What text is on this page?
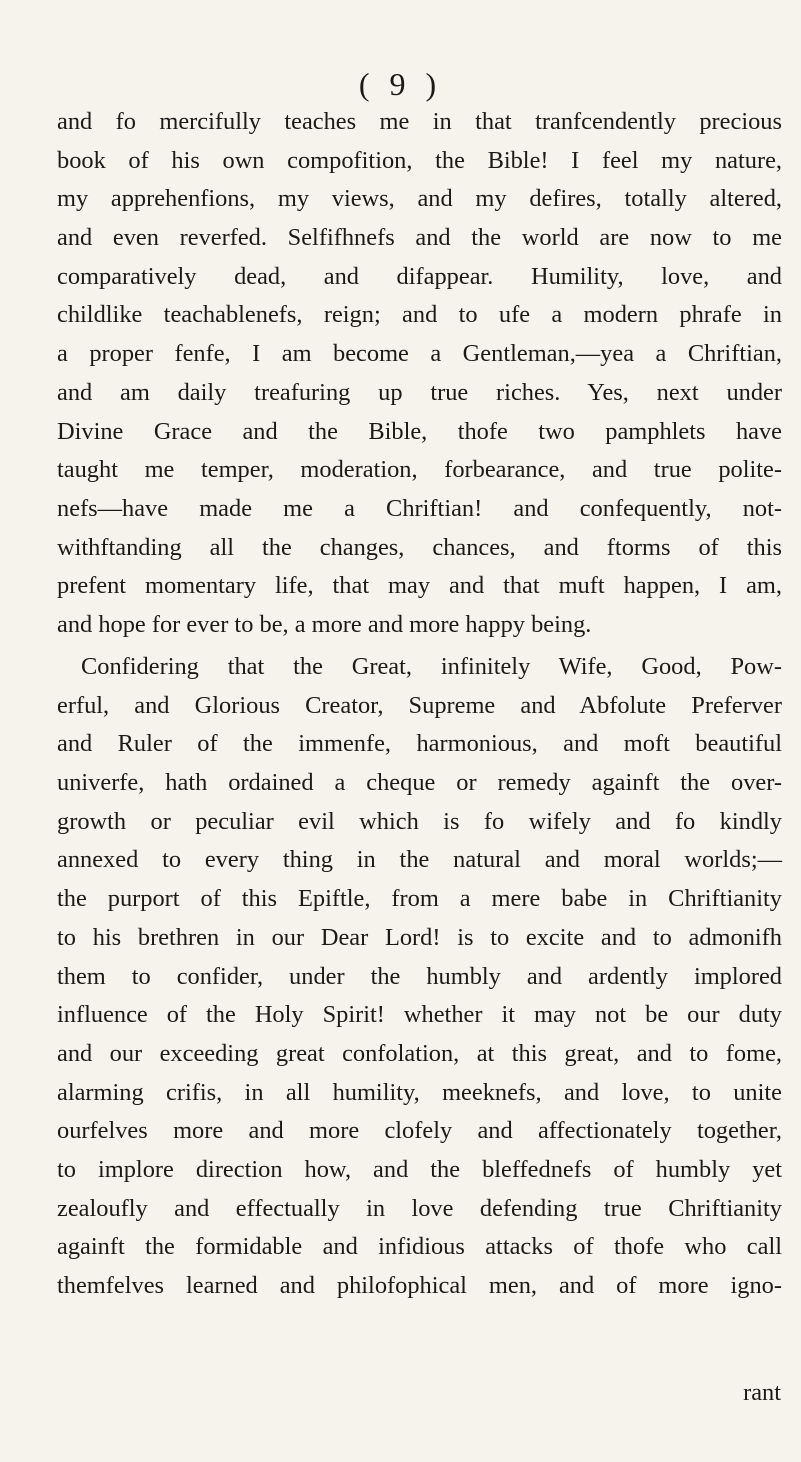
( 9 )
and fo mercifully teaches me in that tranfcendently precious
book of his own compofition, the Bible! I feel my nature,
my apprehenfions, my views, and my defires, totally altered,
and even reverfed. Selfifhnefs and the world are now to me
comparatively dead, and difappear. Humility, love, and
childlike teachablenefs, reign; and to ufe a modern phrafe in
a proper fenfe, I am become a Gentleman,—yea a Chriftian,
and am daily treafuring up true riches. Yes, next under
Divine Grace and the Bible, thofe two pamphlets have
taught me temper, moderation, forbearance, and true polite-
nefs—have made me a Chriftian! and confequently, not-
withftanding all the changes, chances, and ftorms of this
prefent momentary life, that may and that muft happen, I am,
and hope for ever to be, a more and more happy being.
Confidering that the Great, infinitely Wife, Good, Pow-
erful, and Glorious Creator, Supreme and Abfolute Preferver
and Ruler of the immenfe, harmonious, and moft beautiful
univerfe, hath ordained a cheque or remedy againft the over-
growth or peculiar evil which is fo wifely and fo kindly
annexed to every thing in the natural and moral worlds;—
the purport of this Epiftle, from a mere babe in Chriftianity
to his brethren in our Dear Lord! is to excite and to admonifh
them to confider, under the humbly and ardently implored
influence of the Holy Spirit! whether it may not be our duty
and our exceeding great confolation, at this great, and to fome,
alarming crifis, in all humility, meeknefs, and love, to unite
ourfelves more and more clofely and affectionately together,
to implore direction how, and the bleffednefs of humbly yet
zealoufly and effectually in love defending true Chriftianity
againft the formidable and infidious attacks of thofe who call
themfelves learned and philofophical men, and of more igno-
rant
